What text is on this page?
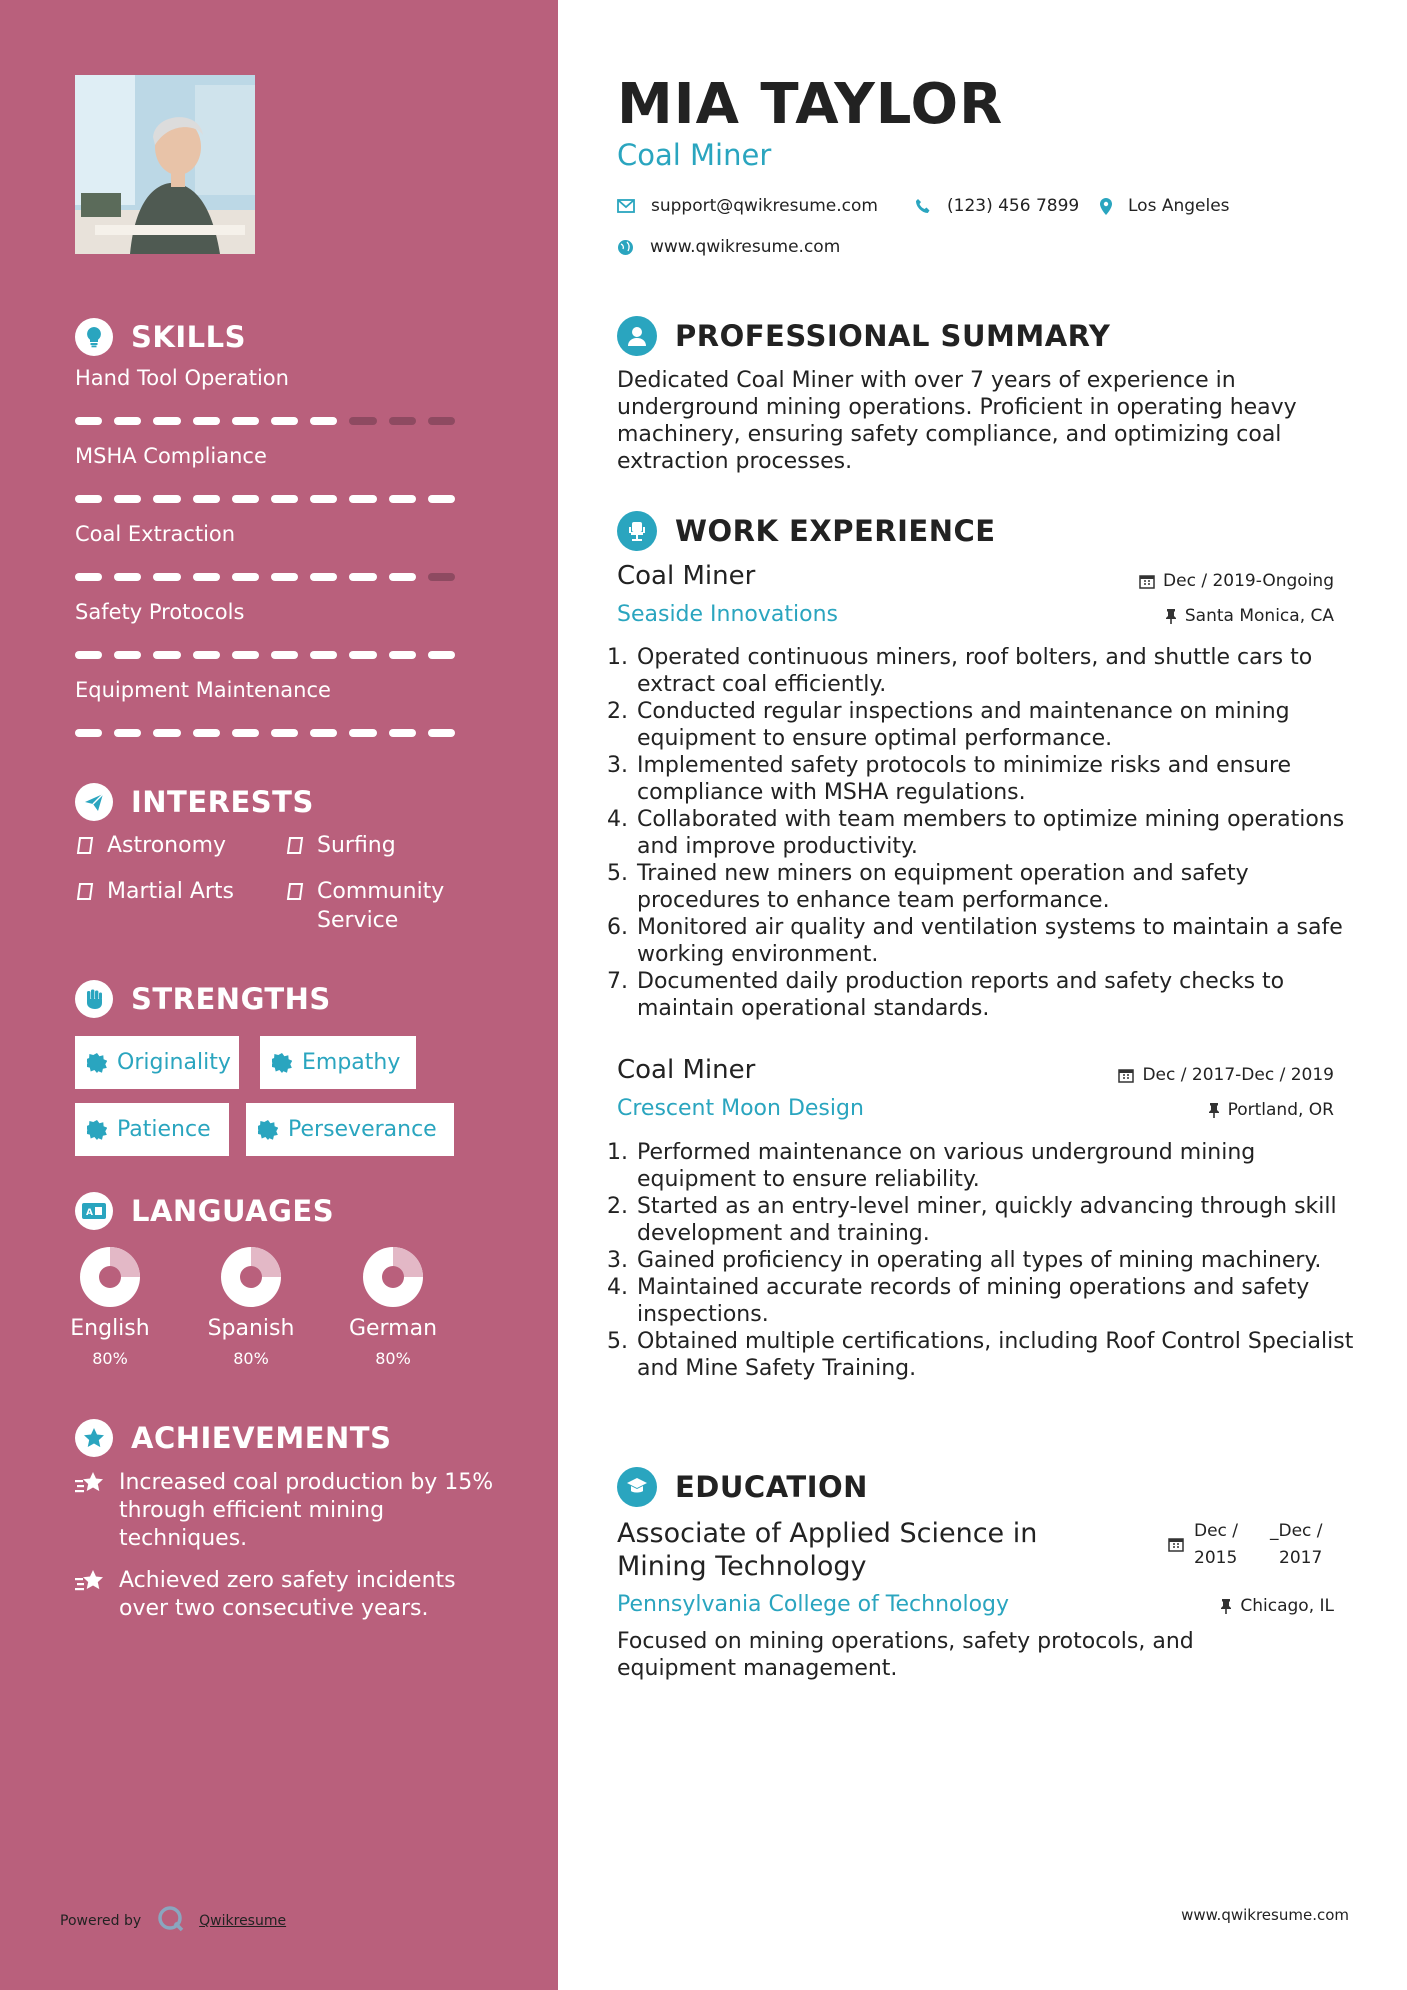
SKILLS
Hand Tool Operation
MSHA Compliance
Coal Extraction
Safety Protocols
Equipment Maintenance
INTERESTS
Astronomy	Surfing
Martial Arts	Community Service
STRENGTHS
Originality	Empathy
Patience	Perseverance
A LANGUAGES
English
80%
Spanish
80%
German
80%
ACHIEVEMENTS
Increased coal production by 15% through efficient mining techniques.
Achieved zero safety incidents over two consecutive years.
Powered by	Qwikresume
MIA TAYLOR
Coal Miner
support@qwikresume.com	(123) 456 7899	Los Angeles
www.qwikresume.com
PROFESSIONAL SUMMARY
Dedicated Coal Miner with over 7 years of experience in underground mining operations. Proficient in operating heavy machinery, ensuring safety compliance, and optimizing coal extraction processes.
WORK EXPERIENCE
Coal Miner
Seaside Innovations
Dec / 2019-Ongoing
Santa Monica, CA
1. Operated continuous miners, roof bolters, and shuttle cars to extract coal efficiently.
2. Conducted regular inspections and maintenance on mining equipment to ensure optimal performance.
3. Implemented safety protocols to minimize risks and ensure compliance with MSHA regulations.
4. Collaborated with team members to optimize mining operations and improve productivity.
5. Trained new miners on equipment operation and safety procedures to enhance team performance.
6. Monitored air quality and ventilation systems to maintain a safe working environment.
7. Documented daily production reports and safety checks to maintain operational standards.
Coal Miner
Crescent Moon Design
Dec / 2017-Dec / 2019
Portland, OR
1. Performed maintenance on various underground mining equipment to ensure reliability.
2. Started as an entry-level miner, quickly advancing through skill development and training.
3. Gained proficiency in operating all types of mining machinery.
4. Maintained accurate records of mining operations and safety inspections.
5. Obtained multiple certifications, including Roof Control Specialist and Mine Safety Training.
EDUCATION
Associate of Applied Science in Mining Technology
Dec /
2015
_Dec /
2017
Pennsylvania College of Technology	Chicago, IL
Focused on mining operations, safety protocols, and equipment management.
www.qwikresume.com
